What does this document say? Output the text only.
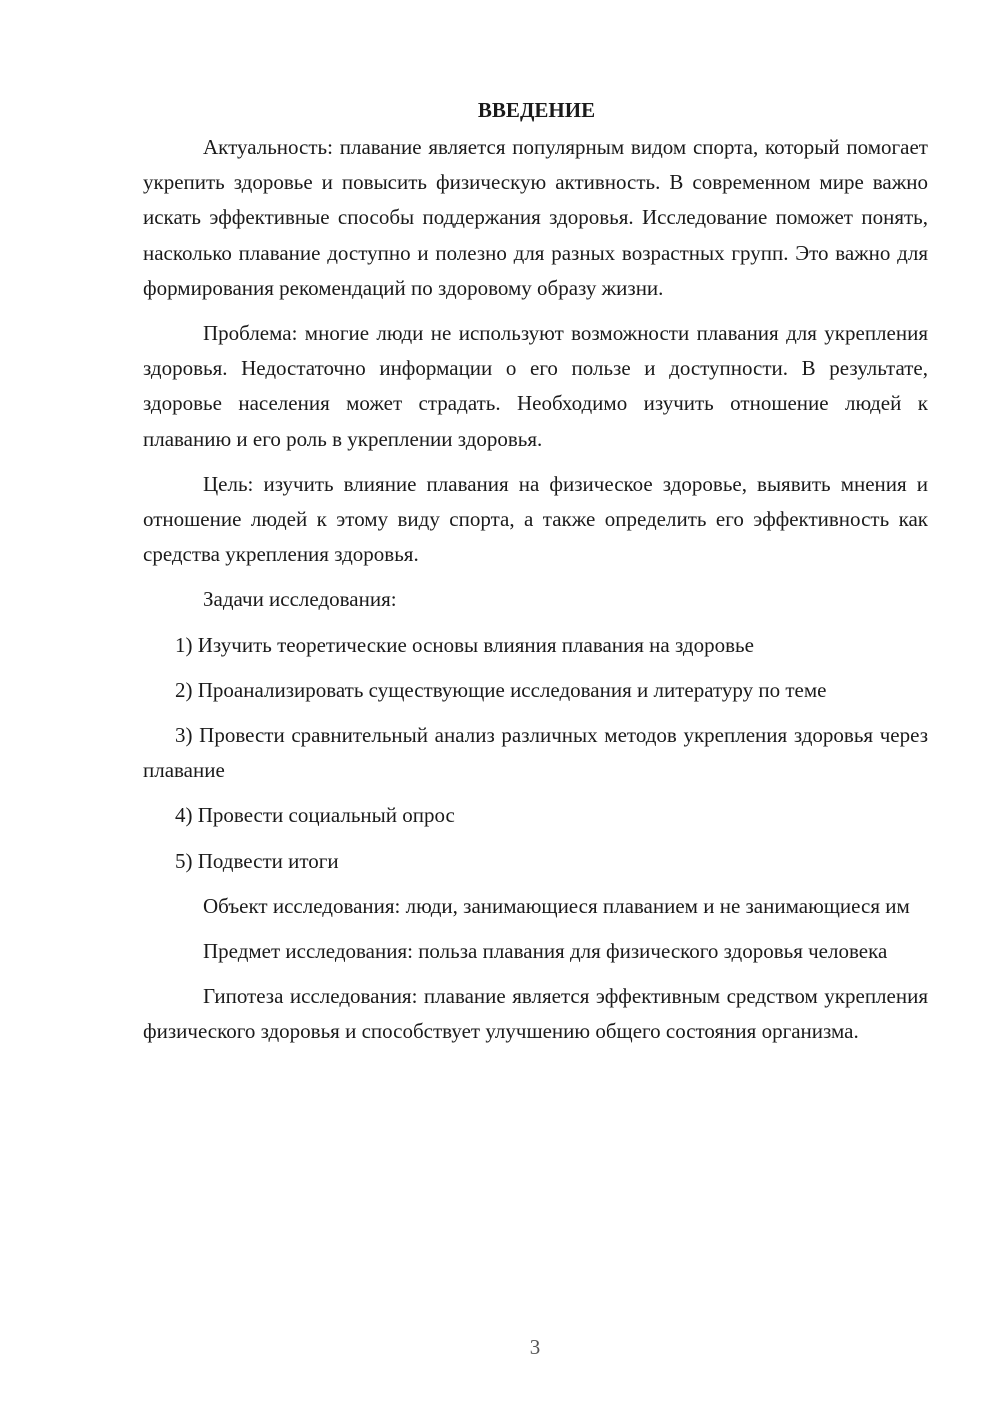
ВВЕДЕНИЕ

Актуальность: плавание является популярным видом спорта, который помогает укрепить здоровье и повысить физическую активность. В современном мире важно искать эффективные способы поддержания здоровья. Исследование поможет понять, насколько плавание доступно и полезно для разных возрастных групп. Это важно для формирования рекомендаций по здоровому образу жизни.

Проблема: многие люди не используют возможности плавания для укрепления здоровья. Недостаточно информации о его пользе и доступности. В результате, здоровье населения может страдать. Необходимо изучить отношение людей к плаванию и его роль в укреплении здоровья.

Цель: изучить влияние плавания на физическое здоровье, выявить мнения и отношение людей к этому виду спорта, а также определить его эффективность как средства укрепления здоровья.

Задачи исследования:

1) Изучить теоретические основы влияния плавания на здоровье

2) Проанализировать существующие исследования и литературу по теме

3) Провести сравнительный анализ различных методов укрепления здоровья через плавание

4) Провести социальный опрос

5) Подвести итоги

Объект исследования: люди, занимающиеся плаванием и не занимающиеся им

Предмет исследования: польза плавания для физического здоровья человека

Гипотеза исследования: плавание является эффективным средством укрепления физического здоровья и способствует улучшению общего состояния организма.

3
